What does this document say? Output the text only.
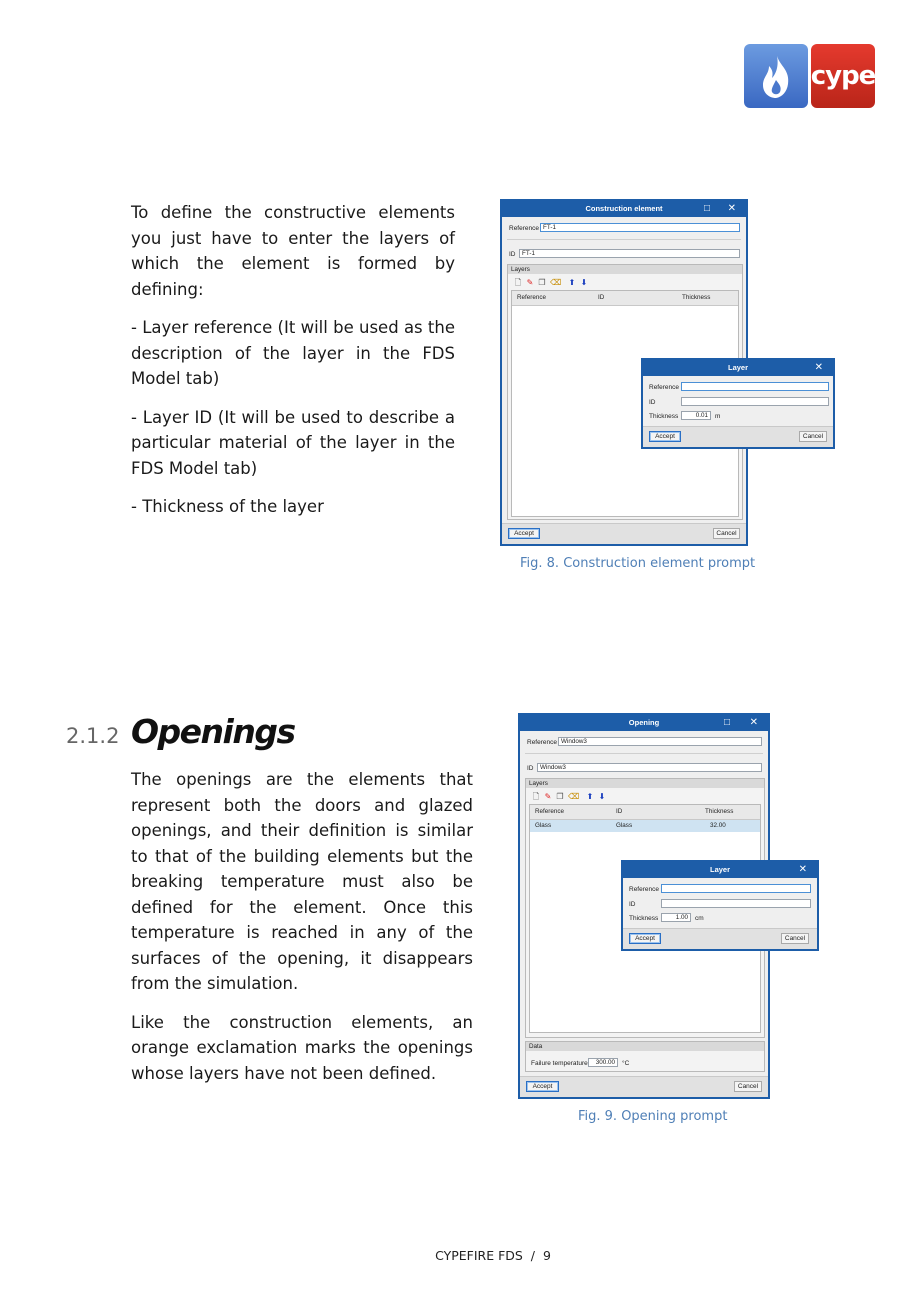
cype

To define the constructive elements you just have to enter the layers of which the element is formed by defining:

- Layer reference (It will be used as the description of the layer in the FDS Model tab)

- Layer ID (It will be used to describe a particular material of the layer in the FDS Model tab)

- Thickness of the layer

Construction element	□ ✕
Reference FT-1
ID	FT-1
Layers
🗋 ✎ ❐ ⌫ ⬆ ⬇
Reference	ID	Thickness
Accept	Cancel
Layer	✕
Reference
ID
Thickness	0.01	m
Accept	Cancel
Fig. 8. Construction element prompt
2.1.2 Openings

The openings are the elements that represent both the doors and glazed openings, and their definition is similar to that of the building elements but the breaking temperature must also be defined for the element. Once this temperature is reached in any of the surfaces of the opening, it disappears from the simulation.

Like the construction elements, an orange exclamation marks the openings whose layers have not been defined.

Opening	□ ✕
Reference Window3
ID	Window3
Layers
🗋 ✎ ❐ ⌫ ⬆ ⬇
Reference	ID	Thickness
Glass	Glass	32.00
Data
Failure temperature	300.00	°C
Accept	Cancel
Layer	✕
Reference
ID
Thickness	1.00	cm
Accept	Cancel
Fig. 9. Opening prompt
CYPEFIRE FDS  /  9
